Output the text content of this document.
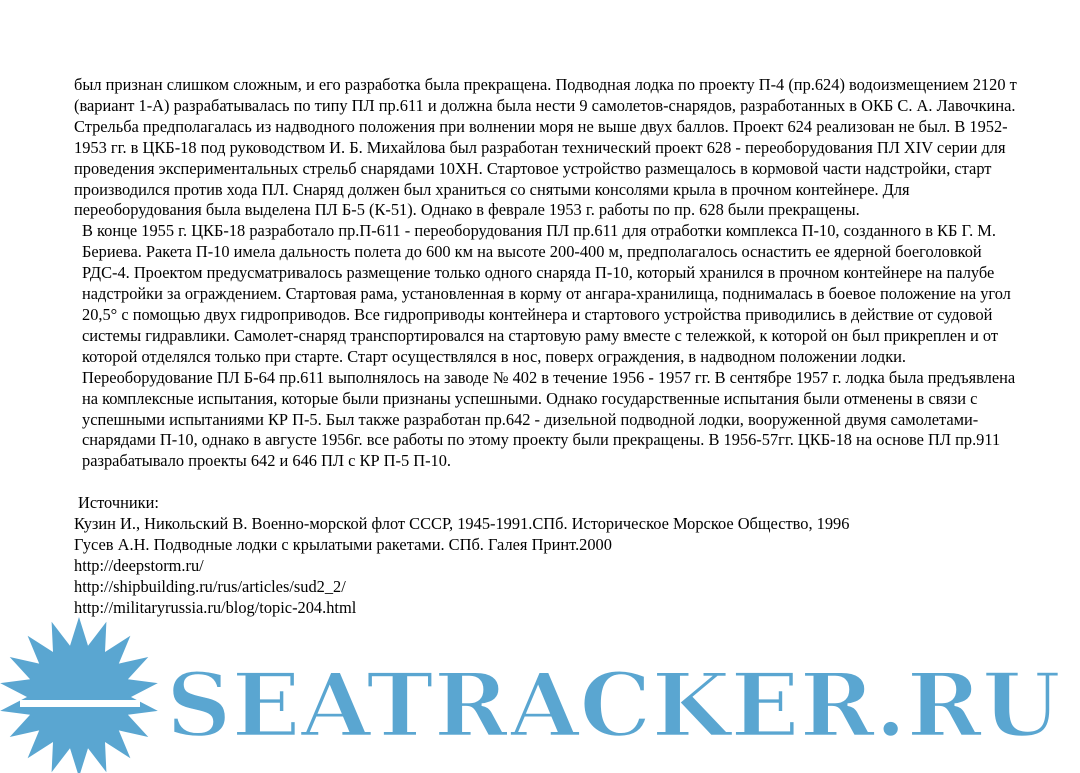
был признан слишком сложным, и его разработка была прекращена. Подводная лодка по проекту П-4 (пр.624) водоизмещением 2120 т (вариант 1-А) разрабатывалась по типу ПЛ пр.611 и должна была нести 9 самолетов-снарядов, разработанных в ОКБ С. А. Лавочкина. Стрельба предполагалась из надводного положения при волнении моря не выше двух баллов. Проект 624 реализован не был. В 1952-1953 гг. в ЦКБ-18 под руководством И. Б. Михайлова был разработан технический проект 628 - переоборудования ПЛ XIV серии для проведения экспериментальных стрельб снарядами 10ХН. Стартовое устройство размещалось в кормовой части надстройки, старт производился против хода ПЛ. Снаряд должен был храниться со снятыми консолями крыла в прочном контейнере. Для переоборудования была выделена ПЛ Б-5 (К-51). Однако в феврале 1953 г. работы по пр. 628 были прекращены.

В конце 1955 г. ЦКБ-18 разработало пр.П-611 - переоборудования ПЛ пр.611 для отработки комплекса П-10, созданного в КБ Г. М. Бериева. Ракета П-10 имела дальность полета до 600 км на высоте 200-400 м, предполагалось оснастить ее ядерной боеголовкой РДС-4. Проектом предусматривалось размещение только одного снаряда П-10, который хранился в прочном контейнере на палубе надстройки за ограждением. Стартовая рама, установленная в корму от ангара-хранилища, поднималась в боевое положение на угол 20,5° с помощью двух гидроприводов. Все гидроприводы контейнера и стартового устройства приводились в действие от судовой системы гидравлики. Самолет-снаряд транспортировался на стартовую раму вместе с тележкой, к которой он был прикреплен и от которой отделялся только при старте. Старт осуществлялся в нос, поверх ограждения, в надводном положении лодки. Переоборудование ПЛ Б-64 пр.611 выполнялось на заводе № 402 в течение 1956 - 1957 гг. В сентябре 1957 г. лодка была предъявлена на комплексные испытания, которые были признаны успешными. Однако государственные испытания были отменены в связи с успешными испытаниями КР П-5. Был также разработан пр.642 - дизельной подводной лодки, вооруженной двумя самолетами-снарядами П-10, однако в августе 1956г. все работы по этому проекту были прекращены. В 1956-57гг. ЦКБ-18 на основе ПЛ пр.911 разрабатывало проекты 642 и 646 ПЛ с КР П-5 П-10.

Источники:

Кузин И., Никольский В. Военно-морской флот СССР, 1945-1991.СПб. Историческое Морское Общество, 1996

Гусев А.Н. Подводные лодки с крылатыми ракетами. СПб. Галея Принт.2000

http://deepstorm.ru/

http://shipbuilding.ru/rus/articles/sud2_2/

http://militaryrussia.ru/blog/topic-204.html

SEATRACKER.RU
